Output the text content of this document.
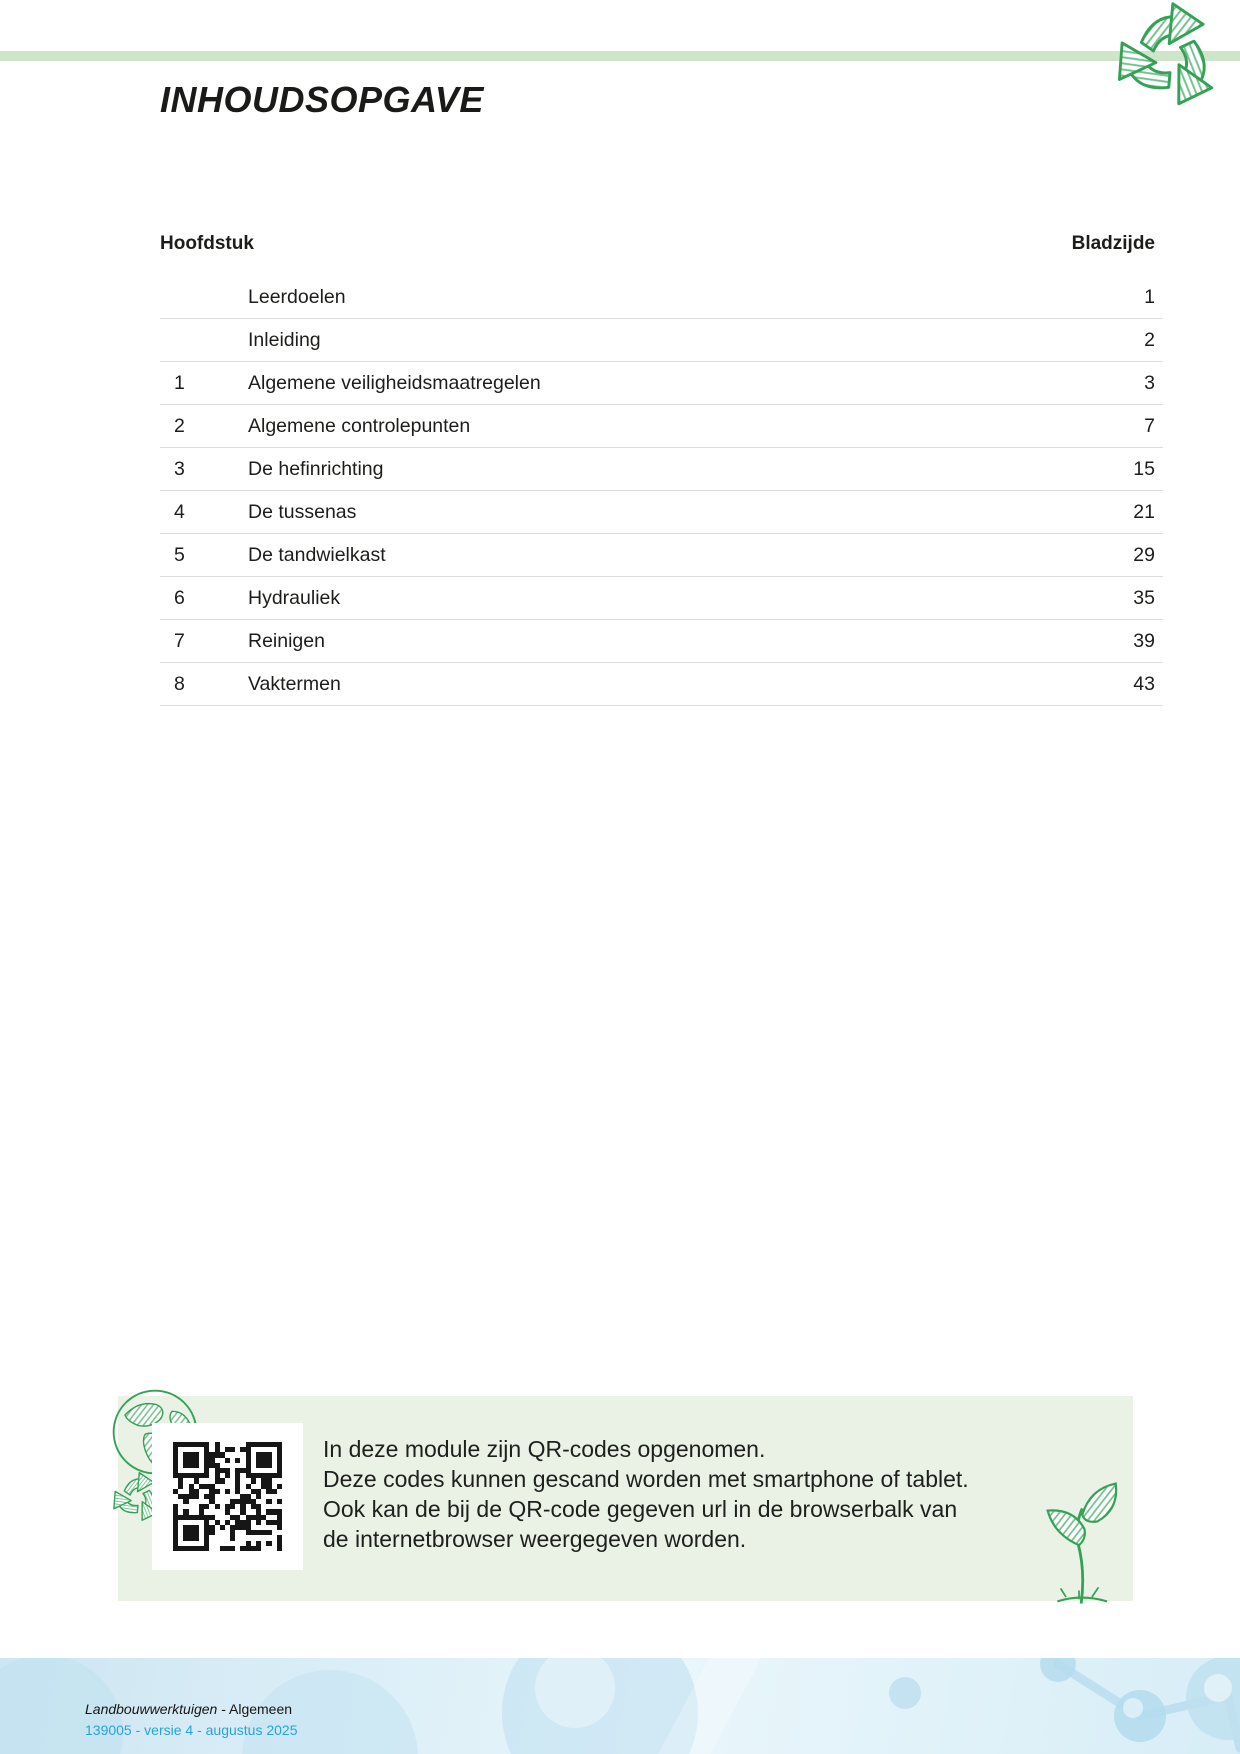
INHOUDSOPGAVE
Hoofdstuk	Bladzijde
Leerdoelen	1
Inleiding	2
1	Algemene veiligheidsmaatregelen	3
2	Algemene controlepunten	7
3	De hefinrichting	15
4	De tussenas	21
5	De tandwielkast	29
6	Hydrauliek	35
7	Reinigen	39
8	Vaktermen	43

In deze module zijn QR-codes opgenomen.

Deze codes kunnen gescand worden met smartphone of tablet.

Ook kan de bij de QR-code gegeven url in de browserbalk van

de internetbrowser weergegeven worden.

Landbouwwerktuigen - Algemeen
139005 - versie 4 - augustus 2025
